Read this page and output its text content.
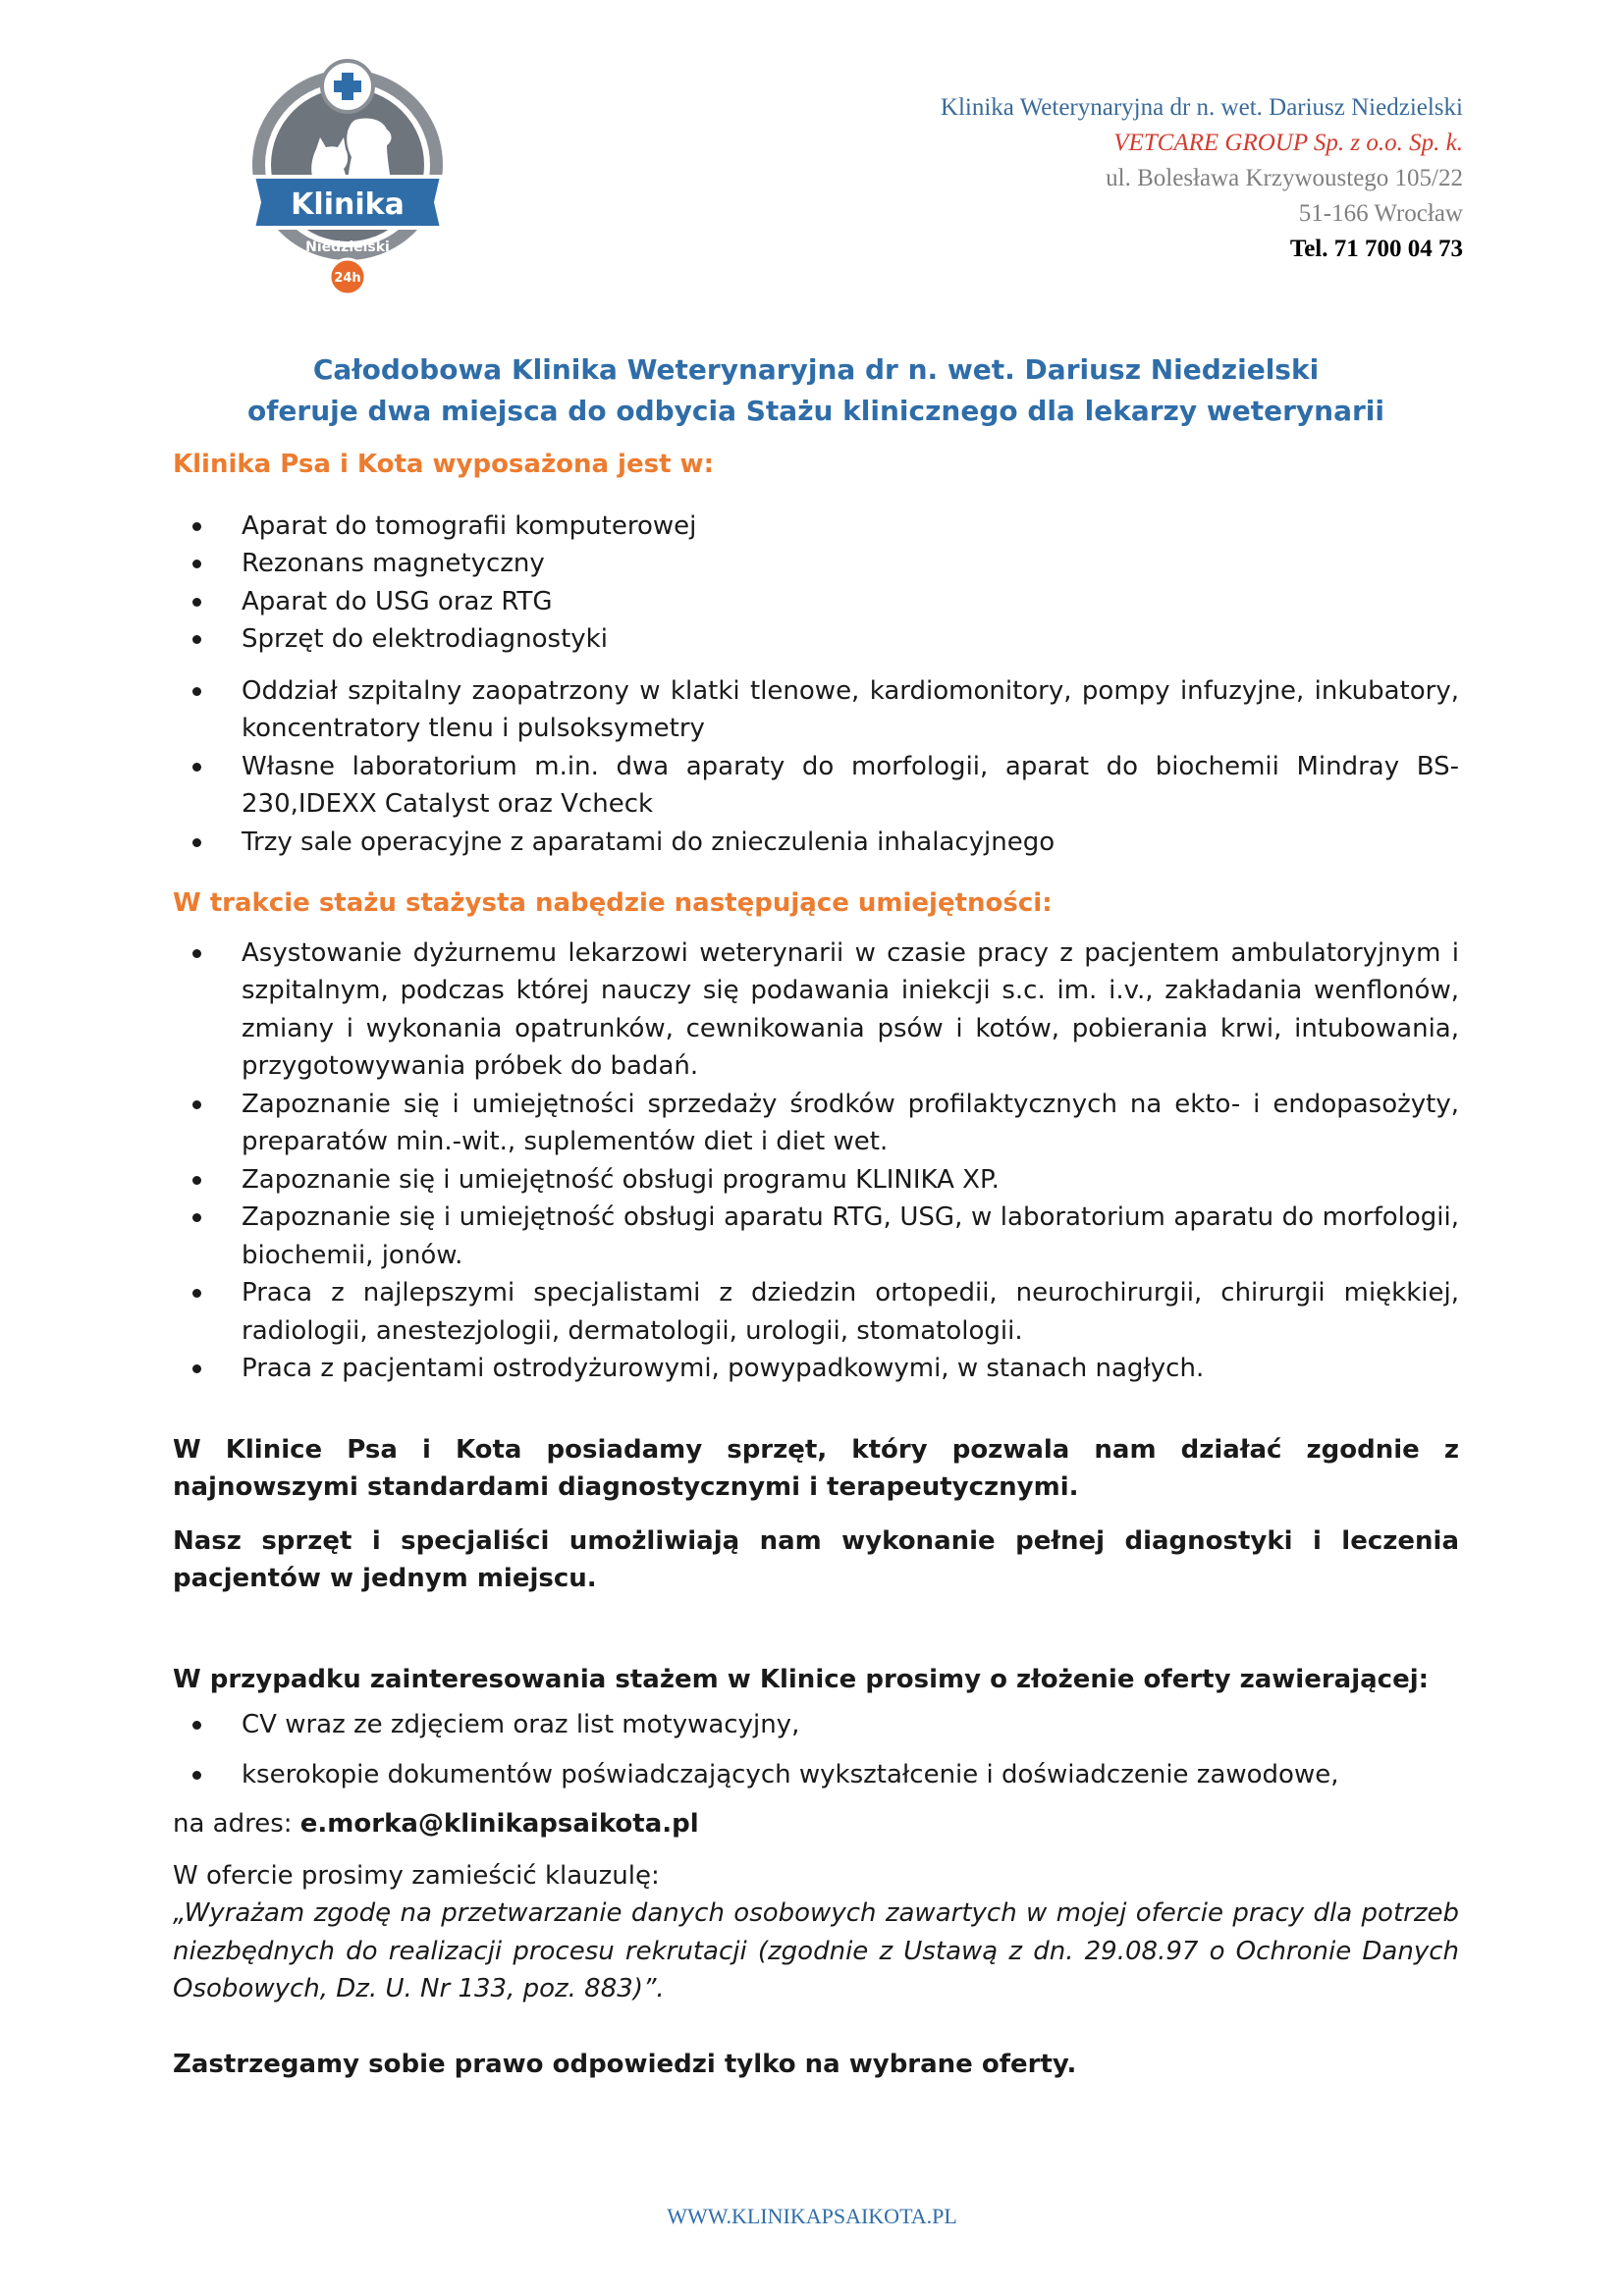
Klinika
Niedzielski
24h
Klinika Weterynaryjna dr n. wet. Dariusz Niedzielski
VETCARE GROUP Sp. z o.o. Sp. k.
ul. Bolesława Krzywoustego 105/22
51-166 Wrocław
Tel. 71 700 04 73
Całodobowa Klinika Weterynaryjna dr n. wet. Dariusz Niedzielski
oferuje dwa miejsca do odbycia Stażu klinicznego dla lekarzy weterynarii
Klinika Psa i Kota wyposażona jest w:
Aparat do tomografii komputerowej
Rezonans magnetyczny
Aparat do USG oraz RTG
Sprzęt do elektrodiagnostyki
Oddział szpitalny zaopatrzony w klatki tlenowe, kardiomonitory, pompy infuzyjne, inkubatory, koncentratory tlenu i pulsoksymetry
Własne laboratorium m.in. dwa aparaty do morfologii, aparat do biochemii Mindray BS-230,IDEXX Catalyst oraz Vcheck
Trzy sale operacyjne z aparatami do znieczulenia inhalacyjnego
W trakcie stażu stażysta nabędzie następujące umiejętności:
Asystowanie dyżurnemu lekarzowi weterynarii w czasie pracy z pacjentem ambulatoryjnym i szpitalnym, podczas której nauczy się podawania iniekcji s.c. im. i.v., zakładania wenflonów, zmiany i wykonania opatrunków, cewnikowania psów i kotów, pobierania krwi, intubowania, przygotowywania próbek do badań.
Zapoznanie się i umiejętności sprzedaży środków profilaktycznych na ekto- i endopasożyty, preparatów min.-wit., suplementów diet i diet wet.
Zapoznanie się i umiejętność obsługi programu KLINIKA XP.
Zapoznanie się i umiejętność obsługi aparatu RTG, USG, w laboratorium aparatu do morfologii, biochemii, jonów.
Praca z najlepszymi specjalistami z dziedzin ortopedii, neurochirurgii, chirurgii miękkiej, radiologii, anestezjologii, dermatologii, urologii, stomatologii.
Praca z pacjentami ostrodyżurowymi, powypadkowymi, w stanach nagłych.

W Klinice Psa i Kota posiadamy sprzęt, który pozwala nam działać zgodnie z najnowszymi standardami diagnostycznymi i terapeutycznymi.

Nasz sprzęt i specjaliści umożliwiają nam wykonanie pełnej diagnostyki i leczenia pacjentów w jednym miejscu.

W przypadku zainteresowania stażem w Klinice prosimy o złożenie oferty zawierającej:

CV wraz ze zdjęciem oraz list motywacyjny,
kserokopie dokumentów poświadczających wykształcenie i doświadczenie zawodowe,

na adres: e.morka@klinikapsaikota.pl

W ofercie prosimy zamieścić klauzulę:

„Wyrażam zgodę na przetwarzanie danych osobowych zawartych w mojej ofercie pracy dla potrzeb niezbędnych do realizacji procesu rekrutacji (zgodnie z Ustawą z dn. 29.08.97 o Ochronie Danych Osobowych, Dz. U. Nr 133, poz. 883)”.

Zastrzegamy sobie prawo odpowiedzi tylko na wybrane oferty.

WWW.KLINIKAPSAIKOTA.PL
